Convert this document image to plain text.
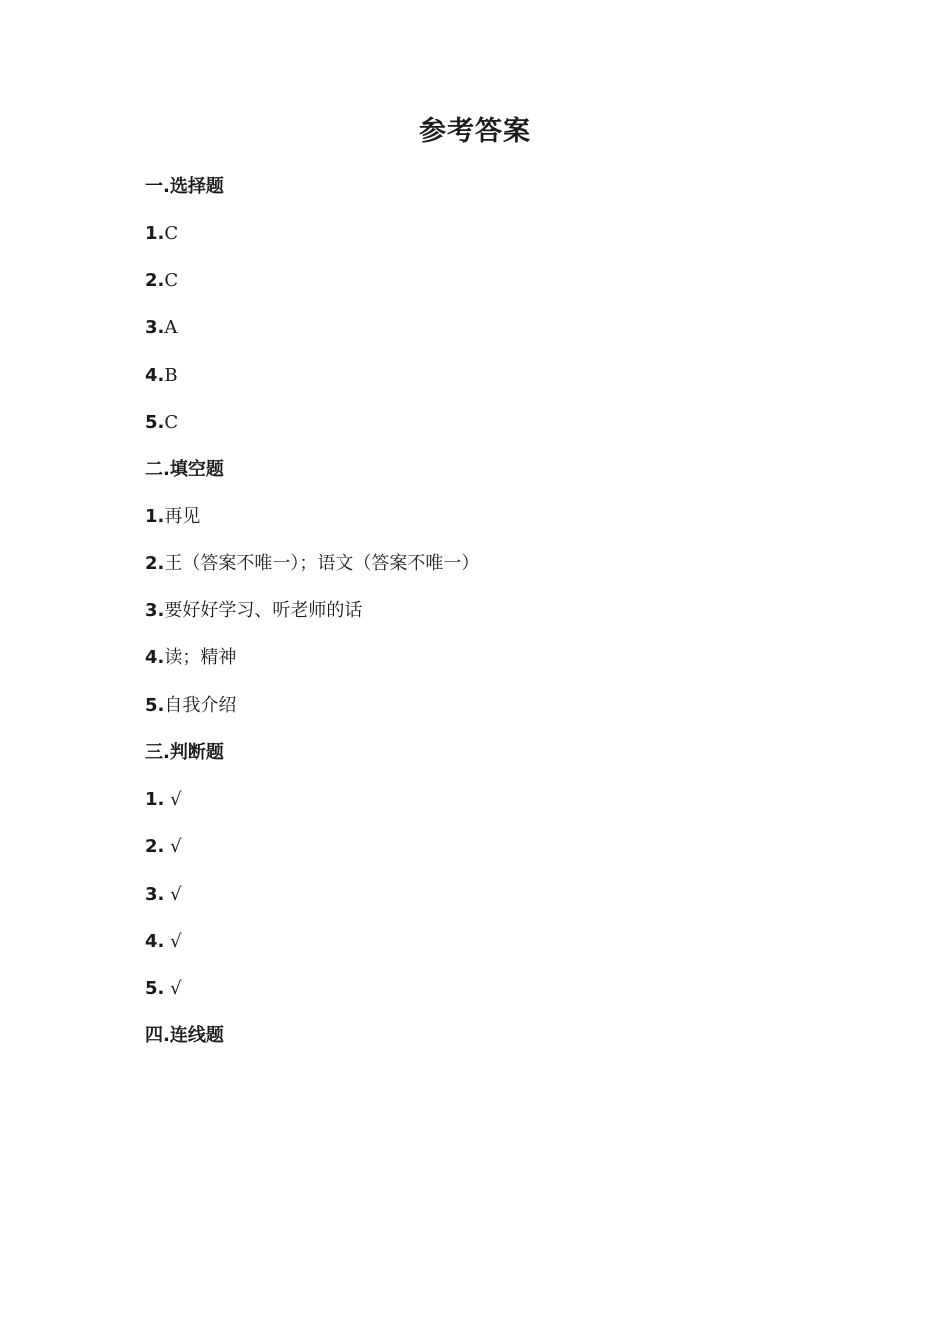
参考答案
一.选择题
1.C
2.C
3.A
4.B
5.C
二.填空题
1.再见
2.王（答案不唯一）；语文（答案不唯一）
3.要好好学习、听老师的话
4.读；精神
5.自我介绍
三.判断题
1. √
2. √
3. √
4. √
5. √
四.连线题
